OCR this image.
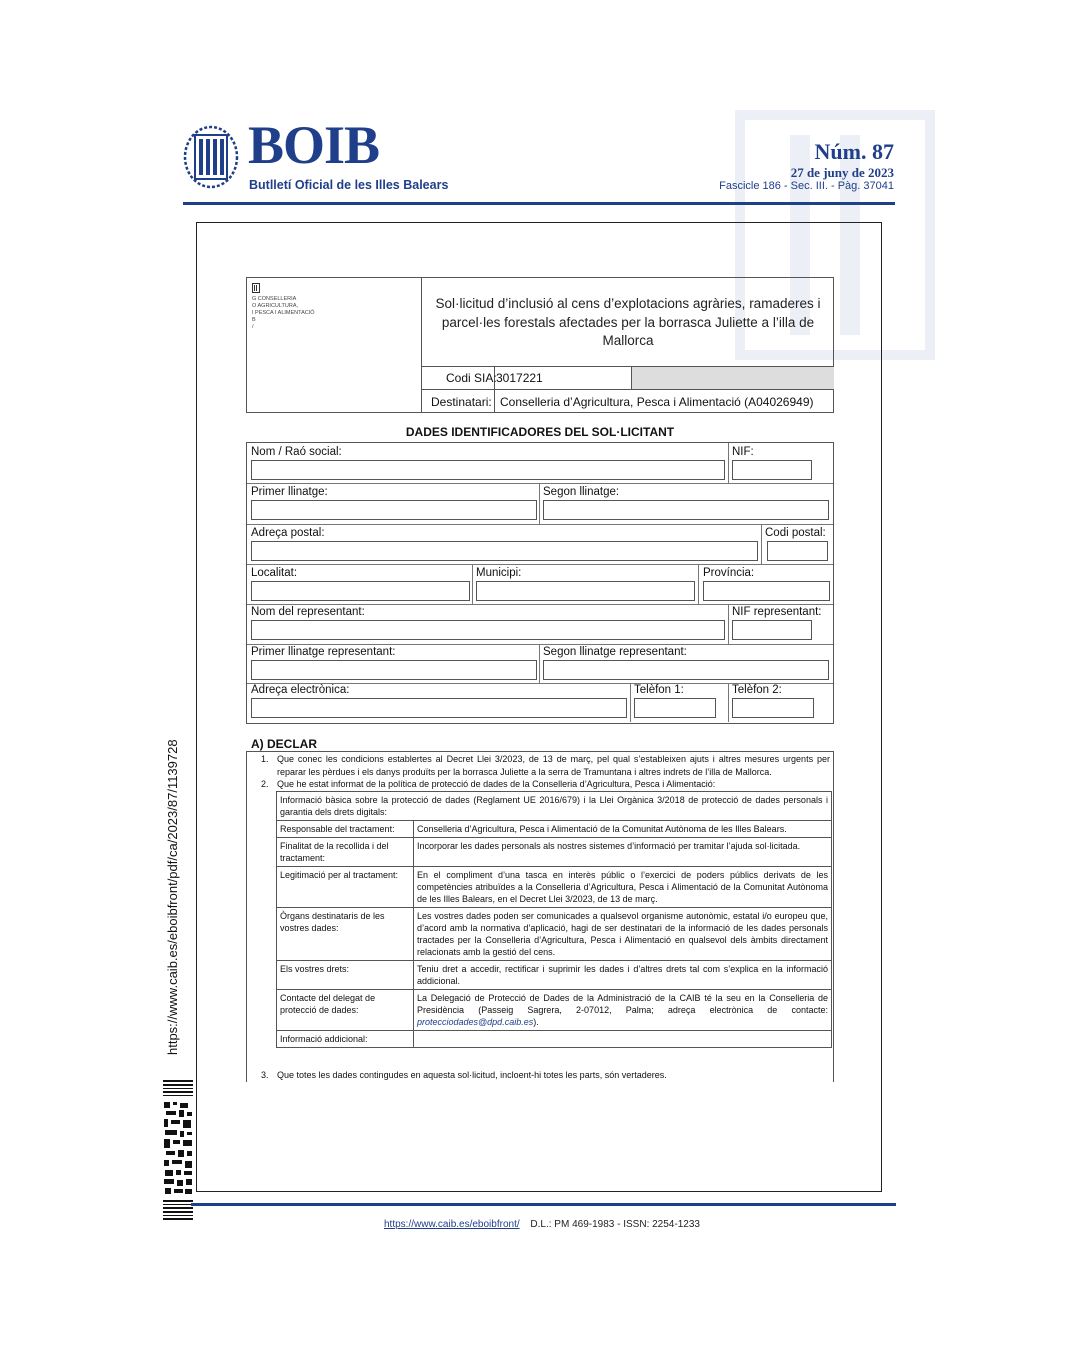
BOIB
Butlletí Oficial de les Illes Balears
Núm. 87
27 de juny de 2023
Fascicle 186 - Sec. III. - Pàg. 37041
https://www.caib.es/eboibfront/pdf/ca/2023/87/1139728
G CONSELLERIA
O AGRICULTURA,
I PESCA I ALIMENTACIÓ
B
/
Sol·licitud d’inclusió al cens d’explotacions agràries, ramaderes i parcel·les forestals afectades per la borrasca Juliette a l’illa de Mallorca
Codi SIA: 3017221
Destinatari: Conselleria d’Agricultura, Pesca i Alimentació (A04026949)
DADES IDENTIFICADORES DEL SOL·LICITANT
Nom / Raó social:	NIF:
Primer llinatge:	Segon llinatge:
Adreça postal:	Codi postal:
Localitat:	Municipi:	Província:
Nom del representant:	NIF representant:
Primer llinatge representant:	Segon llinatge representant:
Adreça electrònica:	Telèfon 1:	Telèfon 2:
A) DECLAR
1. Que conec les condicions establertes al Decret Llei 3/2023, de 13 de març, pel qual s’estableixen ajuts i altres mesures urgents per reparar les pèrdues i els danys produïts per la borrasca Juliette a la serra de Tramuntana i altres indrets de l’illa de Mallorca.
2. Que he estat informat de la política de protecció de dades de la Conselleria d’Agricultura, Pesca i Alimentació:
Informació bàsica sobre la protecció de dades (Reglament UE 2016/679) i la Llei Orgànica 3/2018 de protecció de dades personals i garantia dels drets digitals:	
Responsable del tractament:	Conselleria d’Agricultura, Pesca i Alimentació de la Comunitat Autònoma de les Illes Balears.
Finalitat de la recollida i del tractament:	Incorporar les dades personals als nostres sistemes d’informació per tramitar l’ajuda sol·licitada.
Legitimació per al tractament:	En el compliment d’una tasca en interès públic o l’exercici de poders públics derivats de les competències atribuïdes a la Conselleria d’Agricultura, Pesca i Alimentació de la Comunitat Autònoma de les Illes Balears, en el Decret Llei 3/2023, de 13 de març.
Òrgans destinataris de les vostres dades:	Les vostres dades poden ser comunicades a qualsevol organisme autonòmic, estatal i/o europeu que, d’acord amb la normativa d’aplicació, hagi de ser destinatari de la informació de les dades personals tractades per la Conselleria d’Agricultura, Pesca i Alimentació en qualsevol dels àmbits directament relacionats amb la gestió del cens.
Els vostres drets:	Teniu dret a accedir, rectificar i suprimir les dades i d’altres drets tal com s’explica en la informació addicional.
Contacte del delegat de protecció de dades:	La Delegació de Protecció de Dades de la Administració de la CAIB té la seu en la Conselleria de Presidència (Passeig Sagrera, 2-07012, Palma; adreça electrònica de contacte: protecciodades@dpd.caib.es).
Informació addicional:	
3. Que totes les dades contingudes en aquesta sol·licitud, incloent-hi totes les parts, són vertaderes.
https://www.caib.es/eboibfront/ D.L.: PM 469-1983 - ISSN: 2254-1233
